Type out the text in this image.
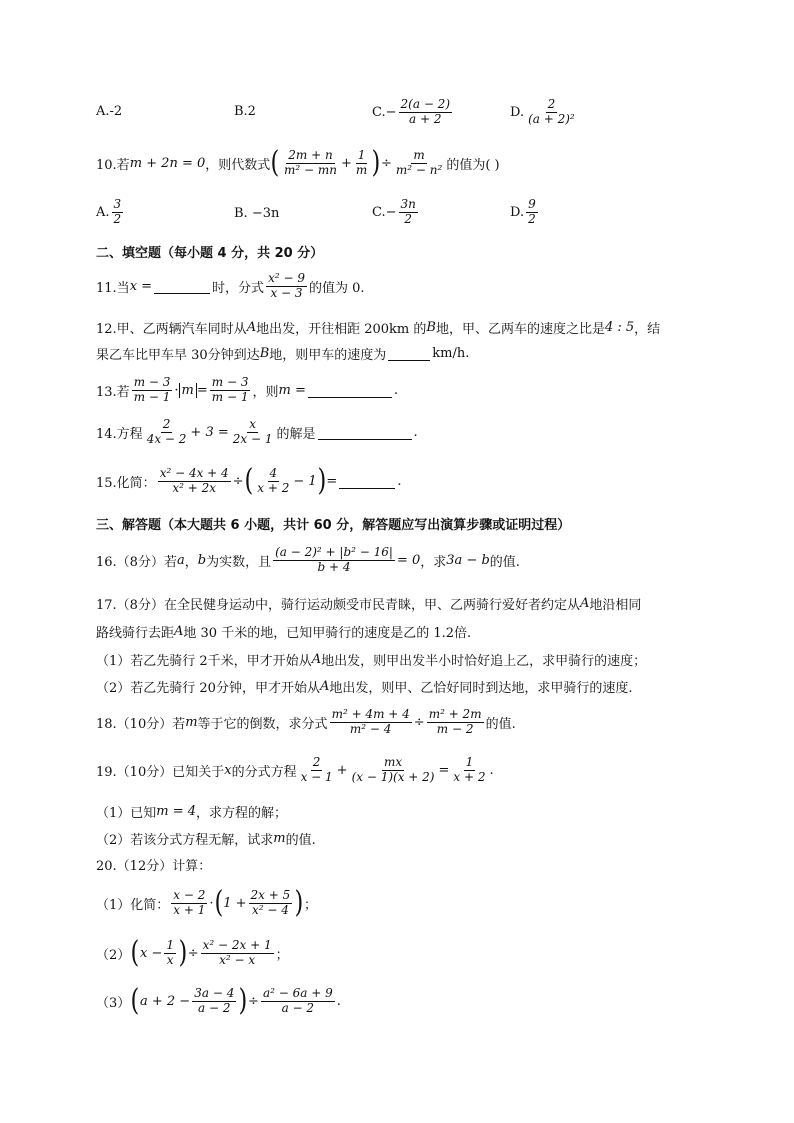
A.-2	B.2	C. − $\frac{2(a - 2)}{a + 2}$	D. $\frac{2}{\text{(a + 2)²}}$
10.若 m + 2n = 0 ，则代数式 ( $\frac{2m + n}{\text{m² − mn}} + \frac{1}{m}$ ) ÷ $\frac{m}{\text{m² − n²}}$ 的值为( )
A. $\frac{3}{2}$	B. −3n	C. − $\frac{3n}{2}$	D. $\frac{9}{2}$
二、填空题（每小题 4 分，共 20 分）
11.当 x =	时，分式 $\frac{\text{x² − 9}}{x - 3}$ 的值为 0.
12.甲、乙两辆汽车同时从 A 地出发，开往相距 200km 的 B 地，甲、乙两车的速度之比是 4 : 5 ，结
果乙车比甲车早 30分钟到达 B 地，则甲车的速度为	km/h.
13.若 $\frac{m - 3}{m - 1} \cdot m = \frac{m - 3}{m - 1}$ ，则 m =	.
14.方程 $\frac{2}{4x - 2} + 3 = \frac{x}{2x - 1}$ 的解是	.
15.化简： $\frac{\text{x² − 4x + 4}}{\text{x² + 2x}}$ ÷ ( $\frac{4}{x + 2} - 1$ ) =	.
三、解答题（本大题共 6 小题，共计 60 分，解答题应写出演算步骤或证明过程）
16.（8分）若 a ， b 为实数，且 $\frac{\text{(a − 2)² + |b² − 16|}}{b + 4} = 0$ ，求 3a − b 的值.
17.（8分）在全民健身运动中，骑行运动颇受市民青睐，甲、乙两骑行爱好者约定从 A 地沿相同
路线骑行去距 A 地 30 千米的地，已知甲骑行的速度是乙的 1.2倍.
（1）若乙先骑行 2千米，甲才开始从 A 地出发，则甲出发半小时恰好追上乙，求甲骑行的速度；
（2）若乙先骑行 20分钟，甲才开始从 A 地出发，则甲、乙恰好同时到达地，求甲骑行的速度.
18.（10分）若 m 等于它的倒数，求分式 $\frac{\text{m² + 4m + 4}}{\text{m² − 4}} \div \frac{\text{m² + 2m}}{m - 2}$ 的值.
19.（10分）已知关于 x 的分式方程 $\frac{2}{x - 1} + \frac{mx}{(x - 1)(x + 2)} = \frac{1}{x + 2}$ .
（1）已知 m = 4 ，求方程的解；
（2）若该分式方程无解，试求 m 的值.
20.（12分）计算：
（1）化简： $\frac{x - 2}{x + 1}$ · ( $1 + \frac{2x + 5}{\text{x² − 4}}$ ) ；
（2） ( $x - \frac{1}{x}$ ) ÷ $\frac{\text{x² − 2x + 1}}{\text{x² − x}}$ ；
（3） ( $a + 2 - \frac{3a - 4}{a - 2}$ ) ÷ $\frac{\text{a² − 6a + 9}}{a - 2}$ .
